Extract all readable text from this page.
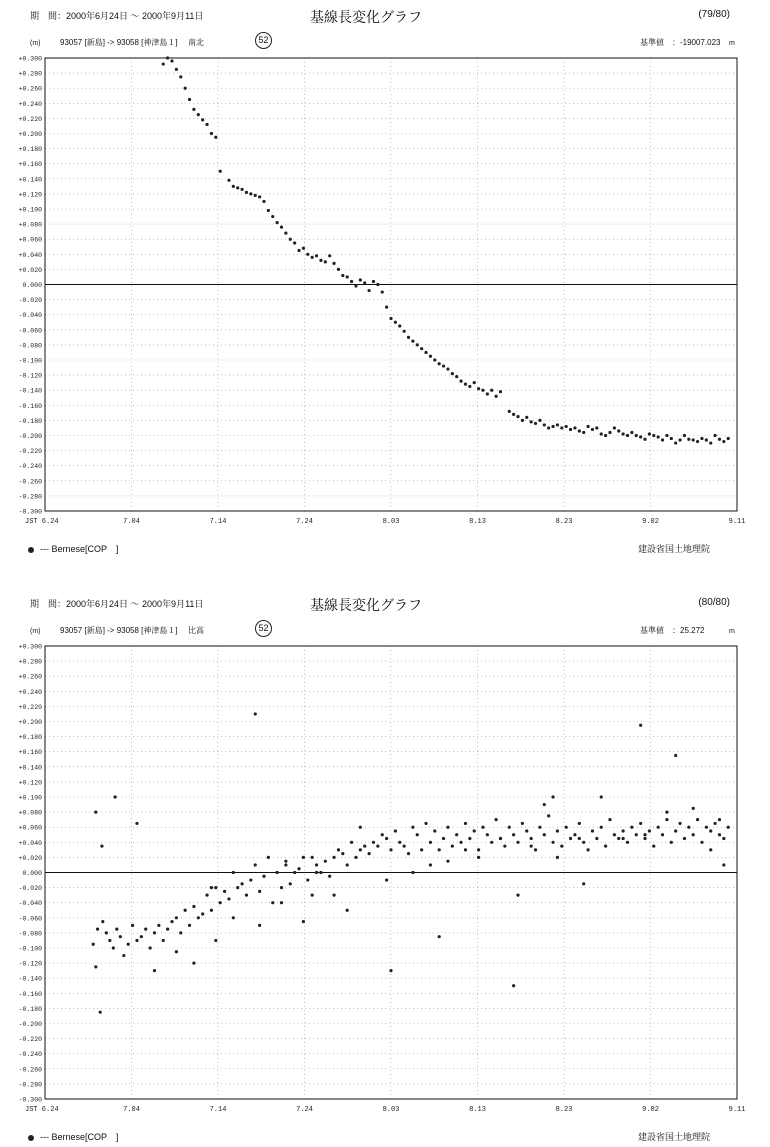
期　間：2000年6月24日 ～ 2000年9月11日	基線長変化グラフ	(79/80)
(m) 93057 [新島] -> 93058 [神津島１] 南北	52	基準値　：-19007.023 m
+0.300
+0.280
+0.260
+0.240
+0.220
+0.200
+0.180
+0.160
+0.140
+0.120
+0.100
+0.080
+0.060
+0.040
+0.020
0.000
-0.020
-0.040
-0.060
-0.080
-0.100
-0.120
-0.140
-0.160
-0.180
-0.200
-0.220
-0.240
-0.260
-0.280
-0.300
JST 6.24	7.04	7.14	7.24	8.03	8.13	8.23	9.02	9.11
--- Bernese[COP　]	建設省国土地理院
期　間：2000年6月24日 ～ 2000年9月11日	基線長変化グラフ	(80/80)
(m) 93057 [新島] -> 93058 [神津島１] 比高	52	基準値　：25.272	m
+0.300
+0.280
+0.260
+0.240
+0.220
+0.200
+0.180
+0.160
+0.140
+0.120
+0.100
+0.080
+0.060
+0.040
+0.020
0.000
-0.020
-0.040
-0.060
-0.080
-0.100
-0.120
-0.140
-0.160
-0.180
-0.200
-0.220
-0.240
-0.260
-0.280
-0.300
JST 6.24	7.04	7.14	7.24	8.03	8.13	8.23	9.02	9.11
--- Bernese[COP　]	建設省国土地理院
